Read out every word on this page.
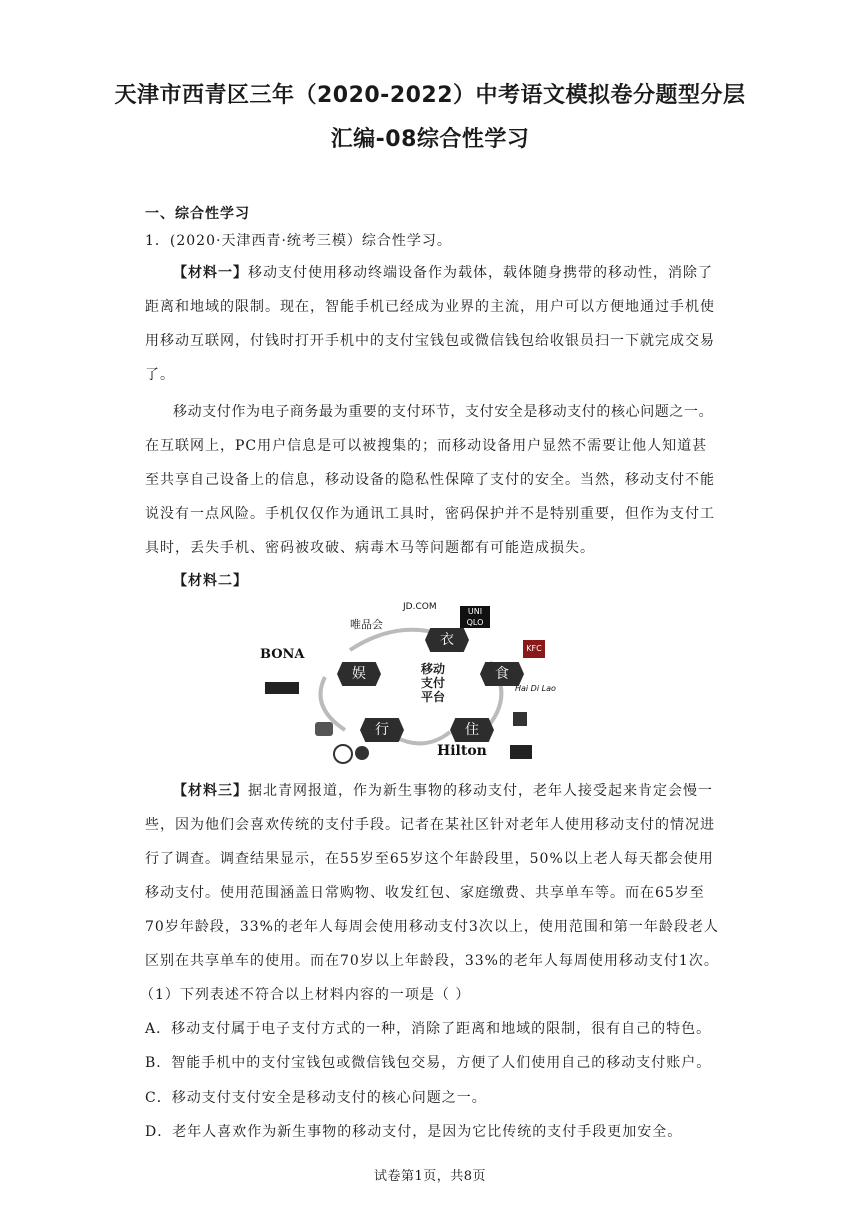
天津市西青区三年（2020-2022）中考语文模拟卷分题型分层
汇编-08综合性学习
一、综合性学习
1．(2020·天津西青·统考三模）综合性学习。
【材料一】移动支付使用移动终端设备作为载体，载体随身携带的移动性，消除了
距离和地域的限制。现在，智能手机已经成为业界的主流，用户可以方便地通过手机使
用移动互联网，付钱时打开手机中的支付宝钱包或微信钱包给收银员扫一下就完成交易
了。
移动支付作为电子商务最为重要的支付环节，支付安全是移动支付的核心问题之一。
在互联网上，PC用户信息是可以被搜集的；而移动设备用户显然不需要让他人知道甚
至共享自己设备上的信息，移动设备的隐私性保障了支付的安全。当然，移动支付不能
说没有一点风险。手机仅仅作为通讯工具时，密码保护并不是特别重要，但作为支付工
具时，丢失手机、密码被攻破、病毒木马等问题都有可能造成损失。
【材料二】
衣
食
娱
行	住
移动
支付
平台
JD.COM	UNI QLO
唯品会
BONA	KFC
Hai Di Lao
Hilton
【材料三】据北青网报道，作为新生事物的移动支付，老年人接受起来肯定会慢一
些，因为他们会喜欢传统的支付手段。记者在某社区针对老年人使用移动支付的情况进
行了调查。调查结果显示，在55岁至65岁这个年龄段里，50%以上老人每天都会使用
移动支付。使用范围涵盖日常购物、收发红包、家庭缴费、共享单车等。而在65岁至
70岁年龄段，33%的老年人每周会使用移动支付3次以上，使用范围和第一年龄段老人
区别在共享单车的使用。而在70岁以上年龄段，33%的老年人每周使用移动支付1次。
（1）下列表述不符合以上材料内容的一项是（ ）
A．移动支付属于电子支付方式的一种，消除了距离和地域的限制，很有自己的特色。
B．智能手机中的支付宝钱包或微信钱包交易，方便了人们使用自己的移动支付账户。
C．移动支付支付安全是移动支付的核心问题之一。
D．老年人喜欢作为新生事物的移动支付，是因为它比传统的支付手段更加安全。
试卷第1页，共8页
